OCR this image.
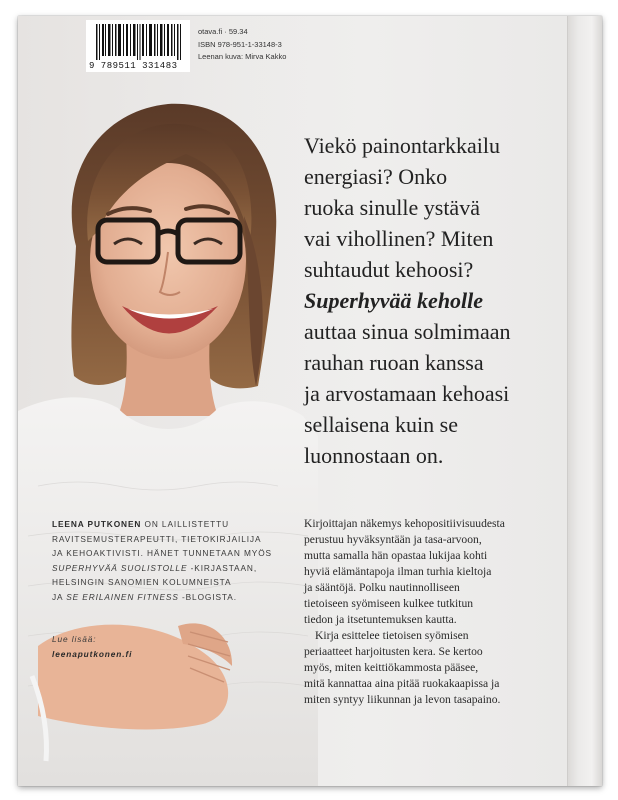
9 789511 331483
otava.fi · 59.34
ISBN 978-951-1-33148-3
Leenan kuva: Mirva Kakko
Viekö painontarkkailu
energiasi? Onko
ruoka sinulle ystävä
vai vihollinen? Miten
suhtaudut kehoosi?
Superhyvää keholle
auttaa sinua solmimaan
rauhan ruoan kanssa
ja arvostamaan kehoasi
sellaisena kuin se
luonnostaan on.
Kirjoittajan näkemys kehopositiivisuudesta
perustuu hyväksyntään ja tasa-arvoon,
mutta samalla hän opastaa lukijaa kohti
hyviä elämäntapoja ilman turhia kieltoja
ja sääntöjä. Polku nautinnolliseen
tietoiseen syömiseen kulkee tutkitun
tiedon ja itsetuntemuksen kautta.
Kirja esittelee tietoisen syömisen
periaatteet harjoitusten kera. Se kertoo
myös, miten keittiökammosta pääsee,
mitä kannattaa aina pitää ruokakaapissa ja
miten syntyy liikunnan ja levon tasapaino.
LEENA PUTKONEN ON LAILLISTETTU
RAVITSEMUSTERAPEUTTI, TIETOKIRJAILIJA
JA KEHOAKTIVISTI. HÄNET TUNNETAAN MYÖS
SUPERHYVÄÄ SUOLISTOLLE -KIRJASTAAN,
HELSINGIN SANOMIEN KOLUMNEISTA
JA SE ERILAINEN FITNESS -BLOGISTA.
Lue lisää:
leenaputkonen.fi
